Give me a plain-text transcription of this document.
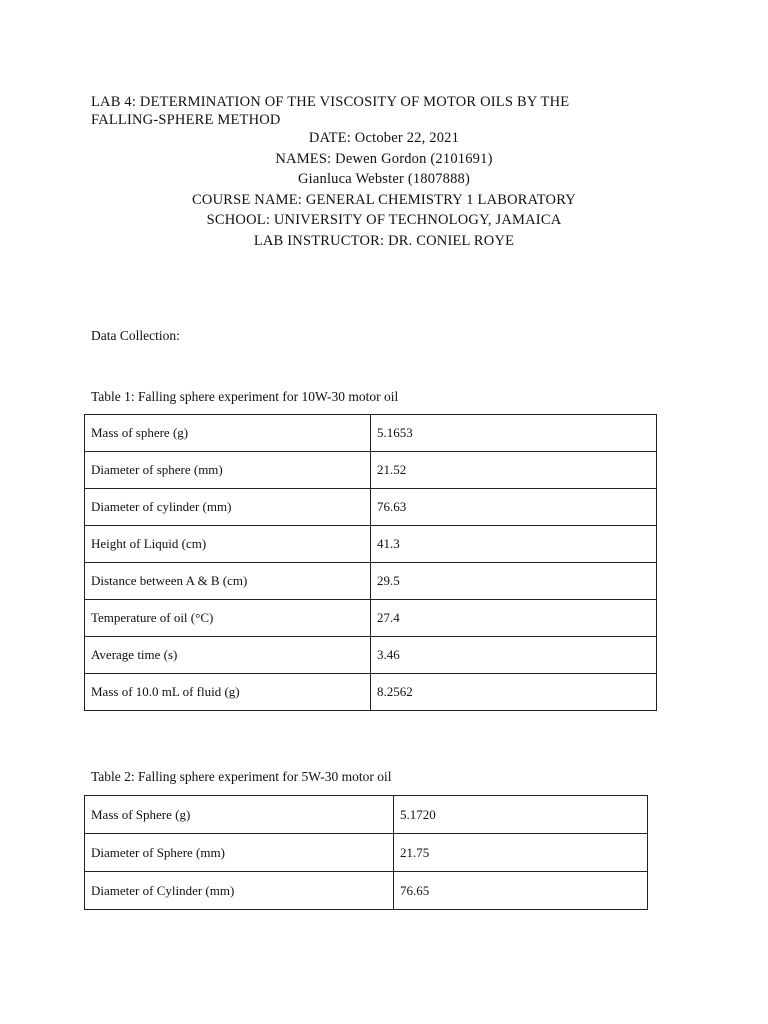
LAB 4: DETERMINATION OF THE VISCOSITY OF MOTOR OILS BY THE
FALLING-SPHERE METHOD
DATE: October 22, 2021
NAMES: Dewen Gordon (2101691)
Gianluca Webster (1807888)
COURSE NAME: GENERAL CHEMISTRY 1 LABORATORY
SCHOOL: UNIVERSITY OF TECHNOLOGY, JAMAICA
LAB INSTRUCTOR: DR. CONIEL ROYE
Data Collection:
Table 1: Falling sphere experiment for 10W-30 motor oil
Mass of sphere (g)	5.1653
Diameter of sphere (mm)	21.52
Diameter of cylinder (mm)	76.63
Height of Liquid (cm)	41.3
Distance between A & B (cm)	29.5
Temperature of oil (°C)	27.4
Average time (s)	3.46
Mass of 10.0 mL of fluid (g)	8.2562
Table 2: Falling sphere experiment for 5W-30 motor oil
Mass of Sphere (g)	5.1720
Diameter of Sphere (mm)	21.75
Diameter of Cylinder (mm)	76.65
